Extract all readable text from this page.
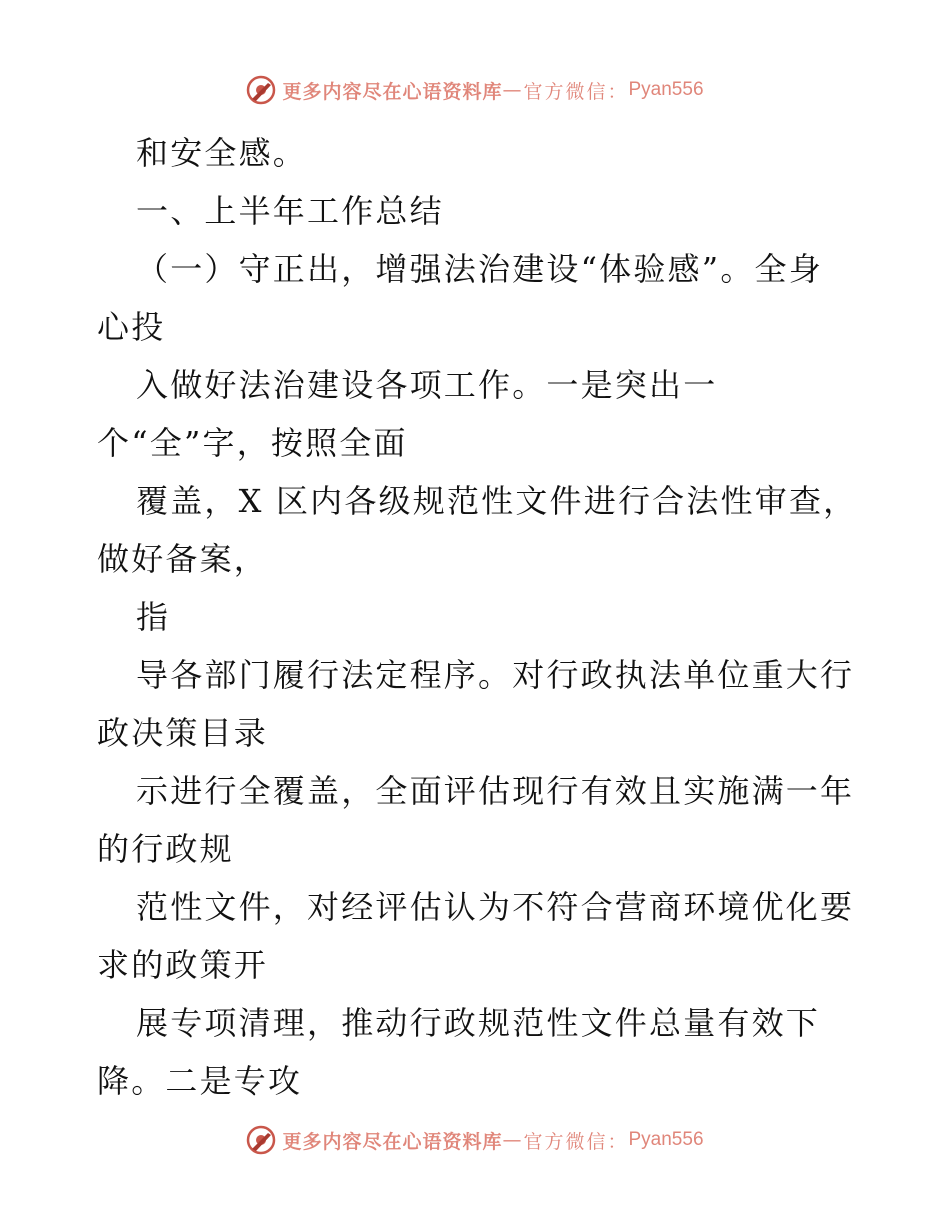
更多内容尽在心语资料库 — 官方微信： Pyan556
和安全感。
一、上半年工作总结
（一）守正出，增强法治建设“体验感”。全身
心投
入做好法治建设各项工作。一是突出一
个“全”字，按照全面
覆盖，X 区内各级规范性文件进行合法性审查，
做好备案，
指
导各部门履行法定程序。对行政执法单位重大行
政决策目录
示进行全覆盖，全面评估现行有效且实施满一年
的行政规
范性文件，对经评估认为不符合营商环境优化要
求的政策开
展专项清理，推动行政规范性文件总量有效下
降。二是专攻
更多内容尽在心语资料库 — 官方微信： Pyan556
